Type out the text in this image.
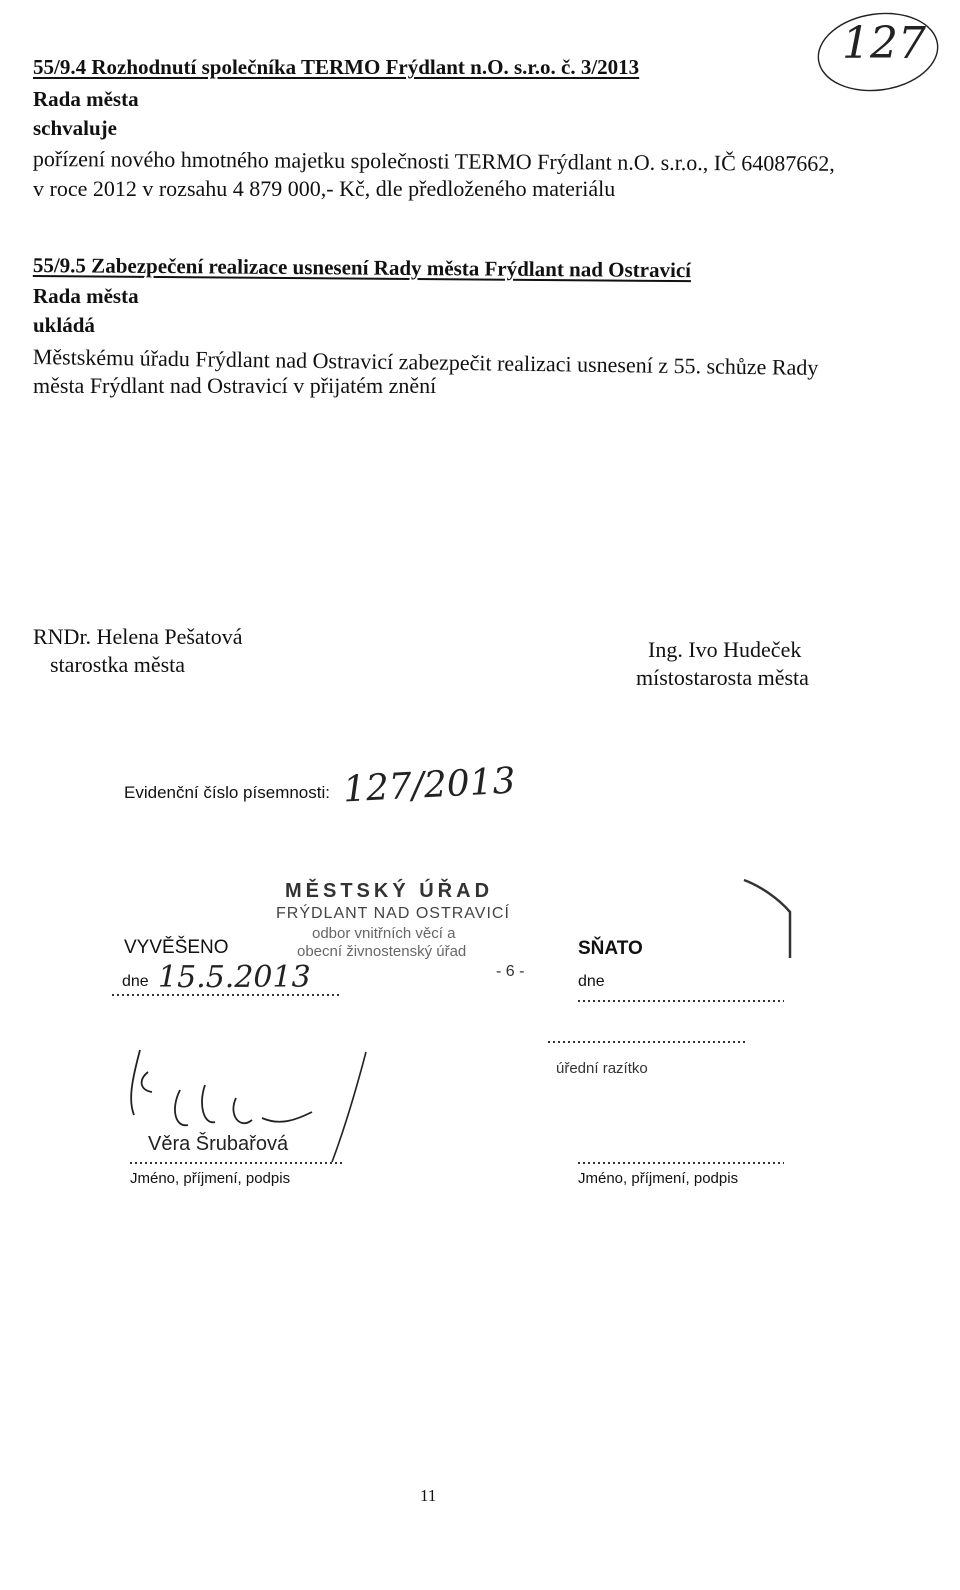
55/9.4 Rozhodnutí společníka TERMO Frýdlant n.O. s.r.o. č. 3/2013
Rada města
schvaluje
pořízení nového hmotného majetku společnosti TERMO Frýdlant n.O. s.r.o., IČ 64087662,
v roce 2012 v rozsahu 4 879 000,- Kč, dle předloženého materiálu
127
55/9.5 Zabezpečení realizace usnesení Rady města Frýdlant nad Ostravicí
Rada města
ukládá
Městskému úřadu Frýdlant nad Ostravicí zabezpečit realizaci usnesení z 55. schůze Rady
města Frýdlant nad Ostravicí v přijatém znění
RNDr. Helena Pešatová
starostka města
Ing. Ivo Hudeček
místostarosta města
Evidenční číslo písemnosti: 127/2013
MĚSTSKÝ ÚŘAD
FRÝDLANT NAD OSTRAVICÍ
odbor vnitřních věcí a
obecní živnostenský úřad
- 6 -
VYVĚŠENO
dne 15.5.2013
SŇATO
dne
úřední razítko
Věra Šrubařová
Jméno, příjmení, podpis	Jméno, příjmení, podpis
11
